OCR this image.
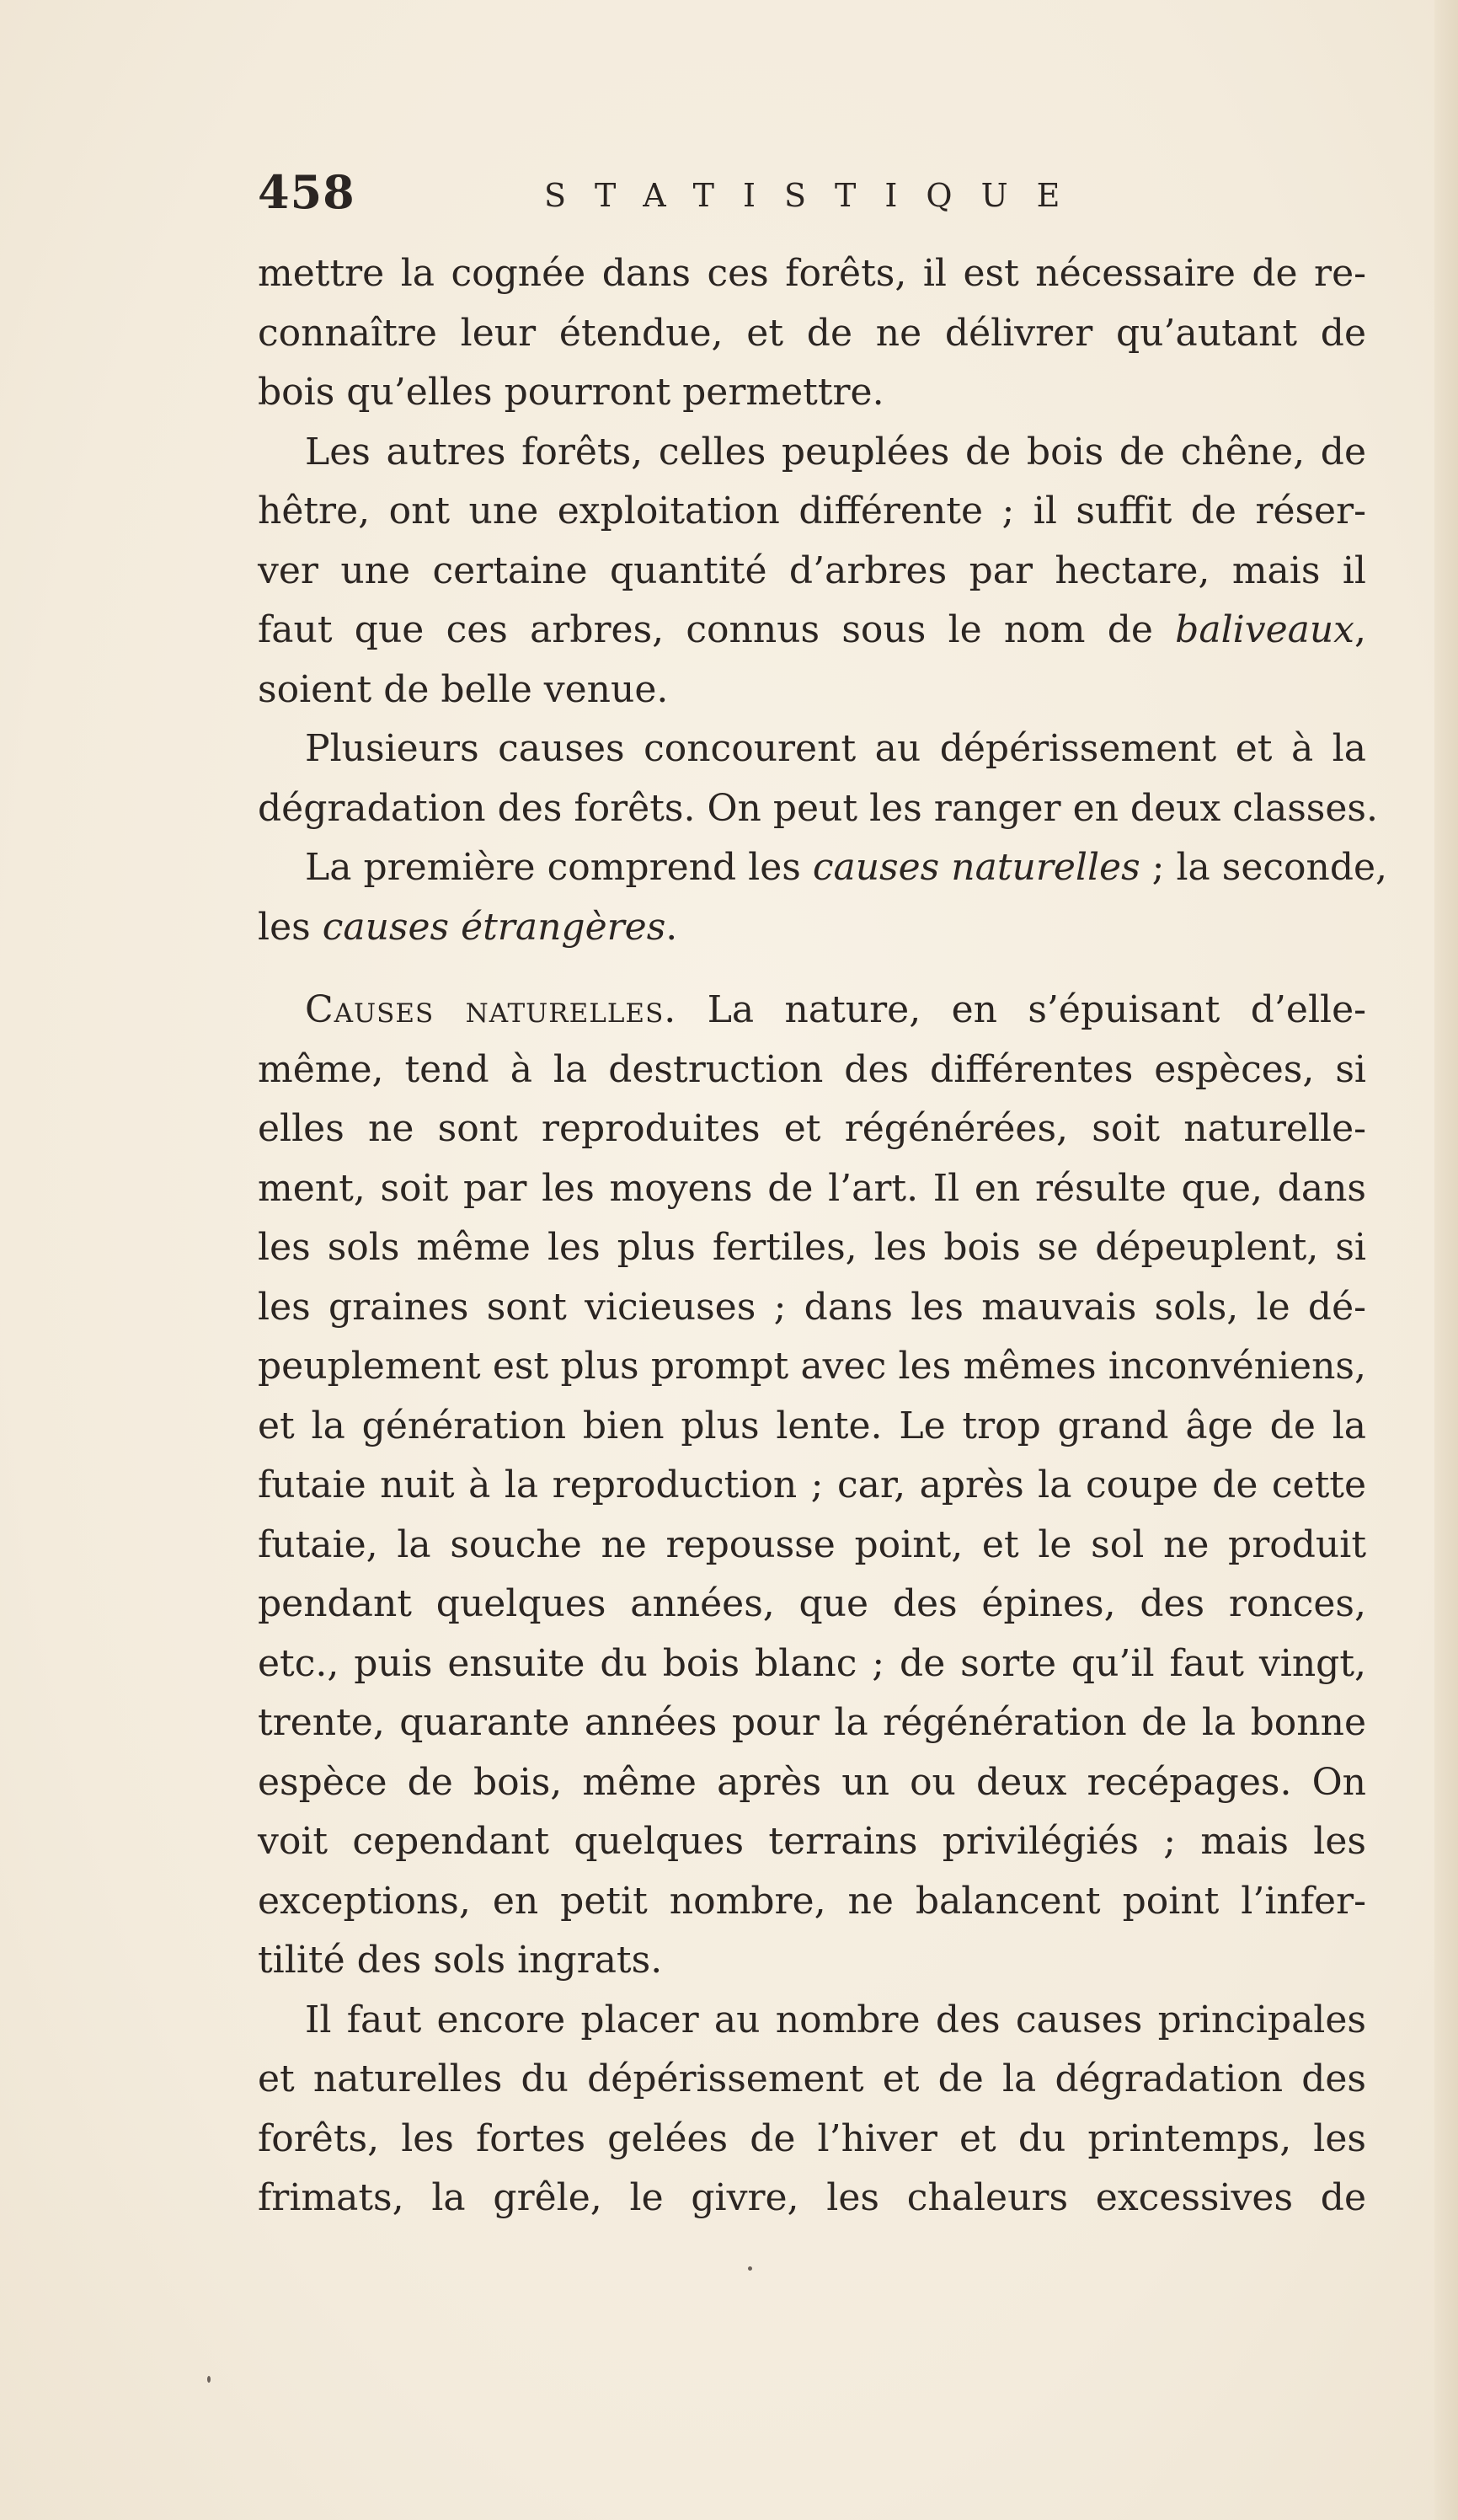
458	STATISTIQUE
mettre la cognée dans ces forêts, il est nécessaire de re-
connaître leur étendue, et de ne délivrer qu’autant de
bois qu’elles pourront permettre.
Les autres forêts, celles peuplées de bois de chêne, de
hêtre, ont une exploitation différente ; il suffit de réser-
ver une certaine quantité d’arbres par hectare, mais il
faut que ces arbres, connus sous le nom de baliveaux,
soient de belle venue.
Plusieurs causes concourent au dépérissement et à la
dégradation des forêts. On peut les ranger en deux classes.
La première comprend les causes naturelles ; la seconde,
les causes étrangères.
Causes naturelles. La nature, en s’épuisant d’elle-
même, tend à la destruction des différentes espèces, si
elles ne sont reproduites et régénérées, soit naturelle-
ment, soit par les moyens de l’art. Il en résulte que, dans
les sols même les plus fertiles, les bois se dépeuplent, si
les graines sont vicieuses ; dans les mauvais sols, le dé-
peuplement est plus prompt avec les mêmes inconvéniens,
et la génération bien plus lente. Le trop grand âge de la
futaie nuit à la reproduction ; car, après la coupe de cette
futaie, la souche ne repousse point, et le sol ne produit
pendant quelques années, que des épines, des ronces,
etc., puis ensuite du bois blanc ; de sorte qu’il faut vingt,
trente, quarante années pour la régénération de la bonne
espèce de bois, même après un ou deux recépages. On
voit cependant quelques terrains privilégiés ; mais les
exceptions, en petit nombre, ne balancent point l’infer-
tilité des sols ingrats.
Il faut encore placer au nombre des causes principales
et naturelles du dépérissement et de la dégradation des
forêts, les fortes gelées de l’hiver et du printemps, les
frimats, la grêle, le givre, les chaleurs excessives de
